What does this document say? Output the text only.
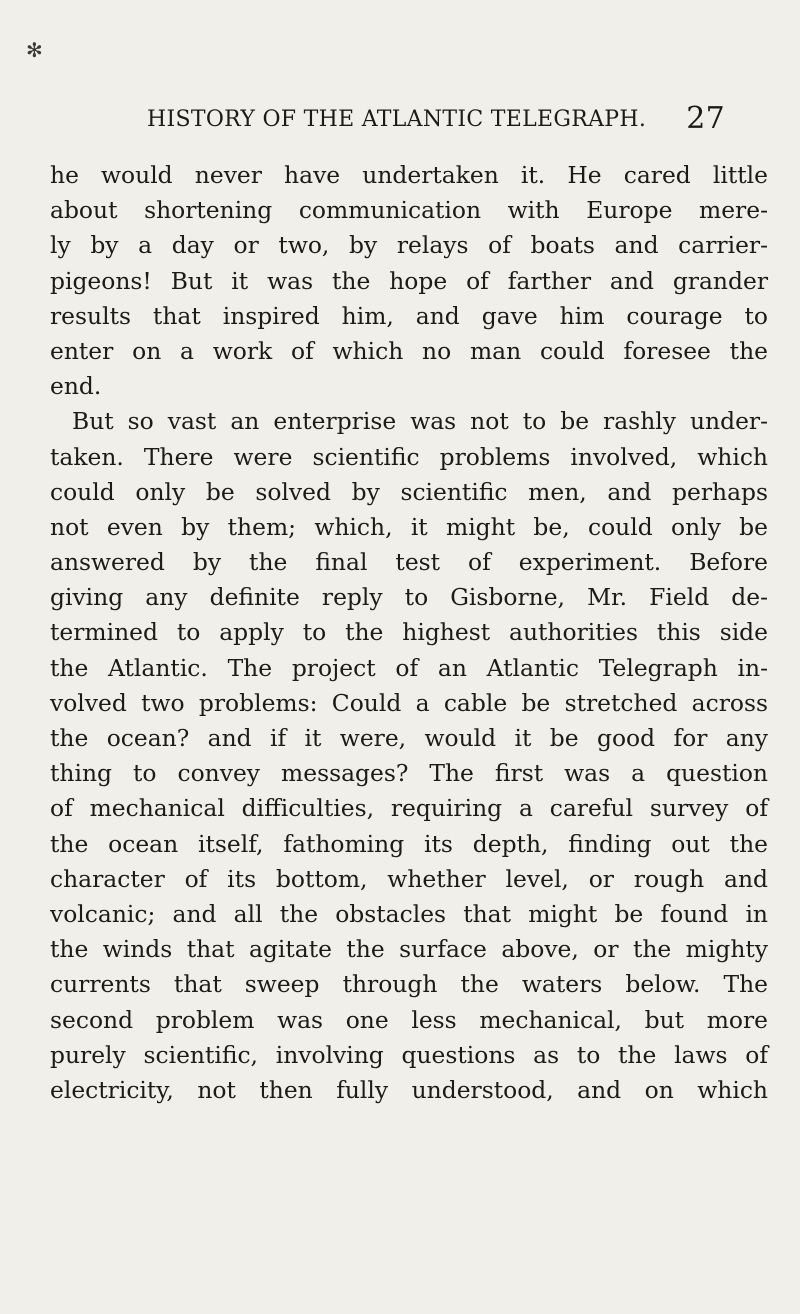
✻
HISTORY OF THE ATLANTIC TELEGRAPH. 27
he would never have undertaken it. He cared little
about shortening communication with Europe mere-
ly by a day or two, by relays of boats and carrier-
pigeons! But it was the hope of farther and grander
results that inspired him, and gave him courage to
enter on a work of which no man could foresee the
end.
But so vast an enterprise was not to be rashly under-
taken. There were scientific problems involved, which
could only be solved by scientific men, and perhaps
not even by them; which, it might be, could only be
answered by the final test of experiment. Before
giving any definite reply to Gisborne, Mr. Field de-
termined to apply to the highest authorities this side
the Atlantic. The project of an Atlantic Telegraph in-
volved two problems: Could a cable be stretched across
the ocean? and if it were, would it be good for any
thing to convey messages? The first was a question
of mechanical difficulties, requiring a careful survey of
the ocean itself, fathoming its depth, finding out the
character of its bottom, whether level, or rough and
volcanic; and all the obstacles that might be found in
the winds that agitate the surface above, or the mighty
currents that sweep through the waters below. The
second problem was one less mechanical, but more
purely scientific, involving questions as to the laws of
electricity, not then fully understood, and on which
